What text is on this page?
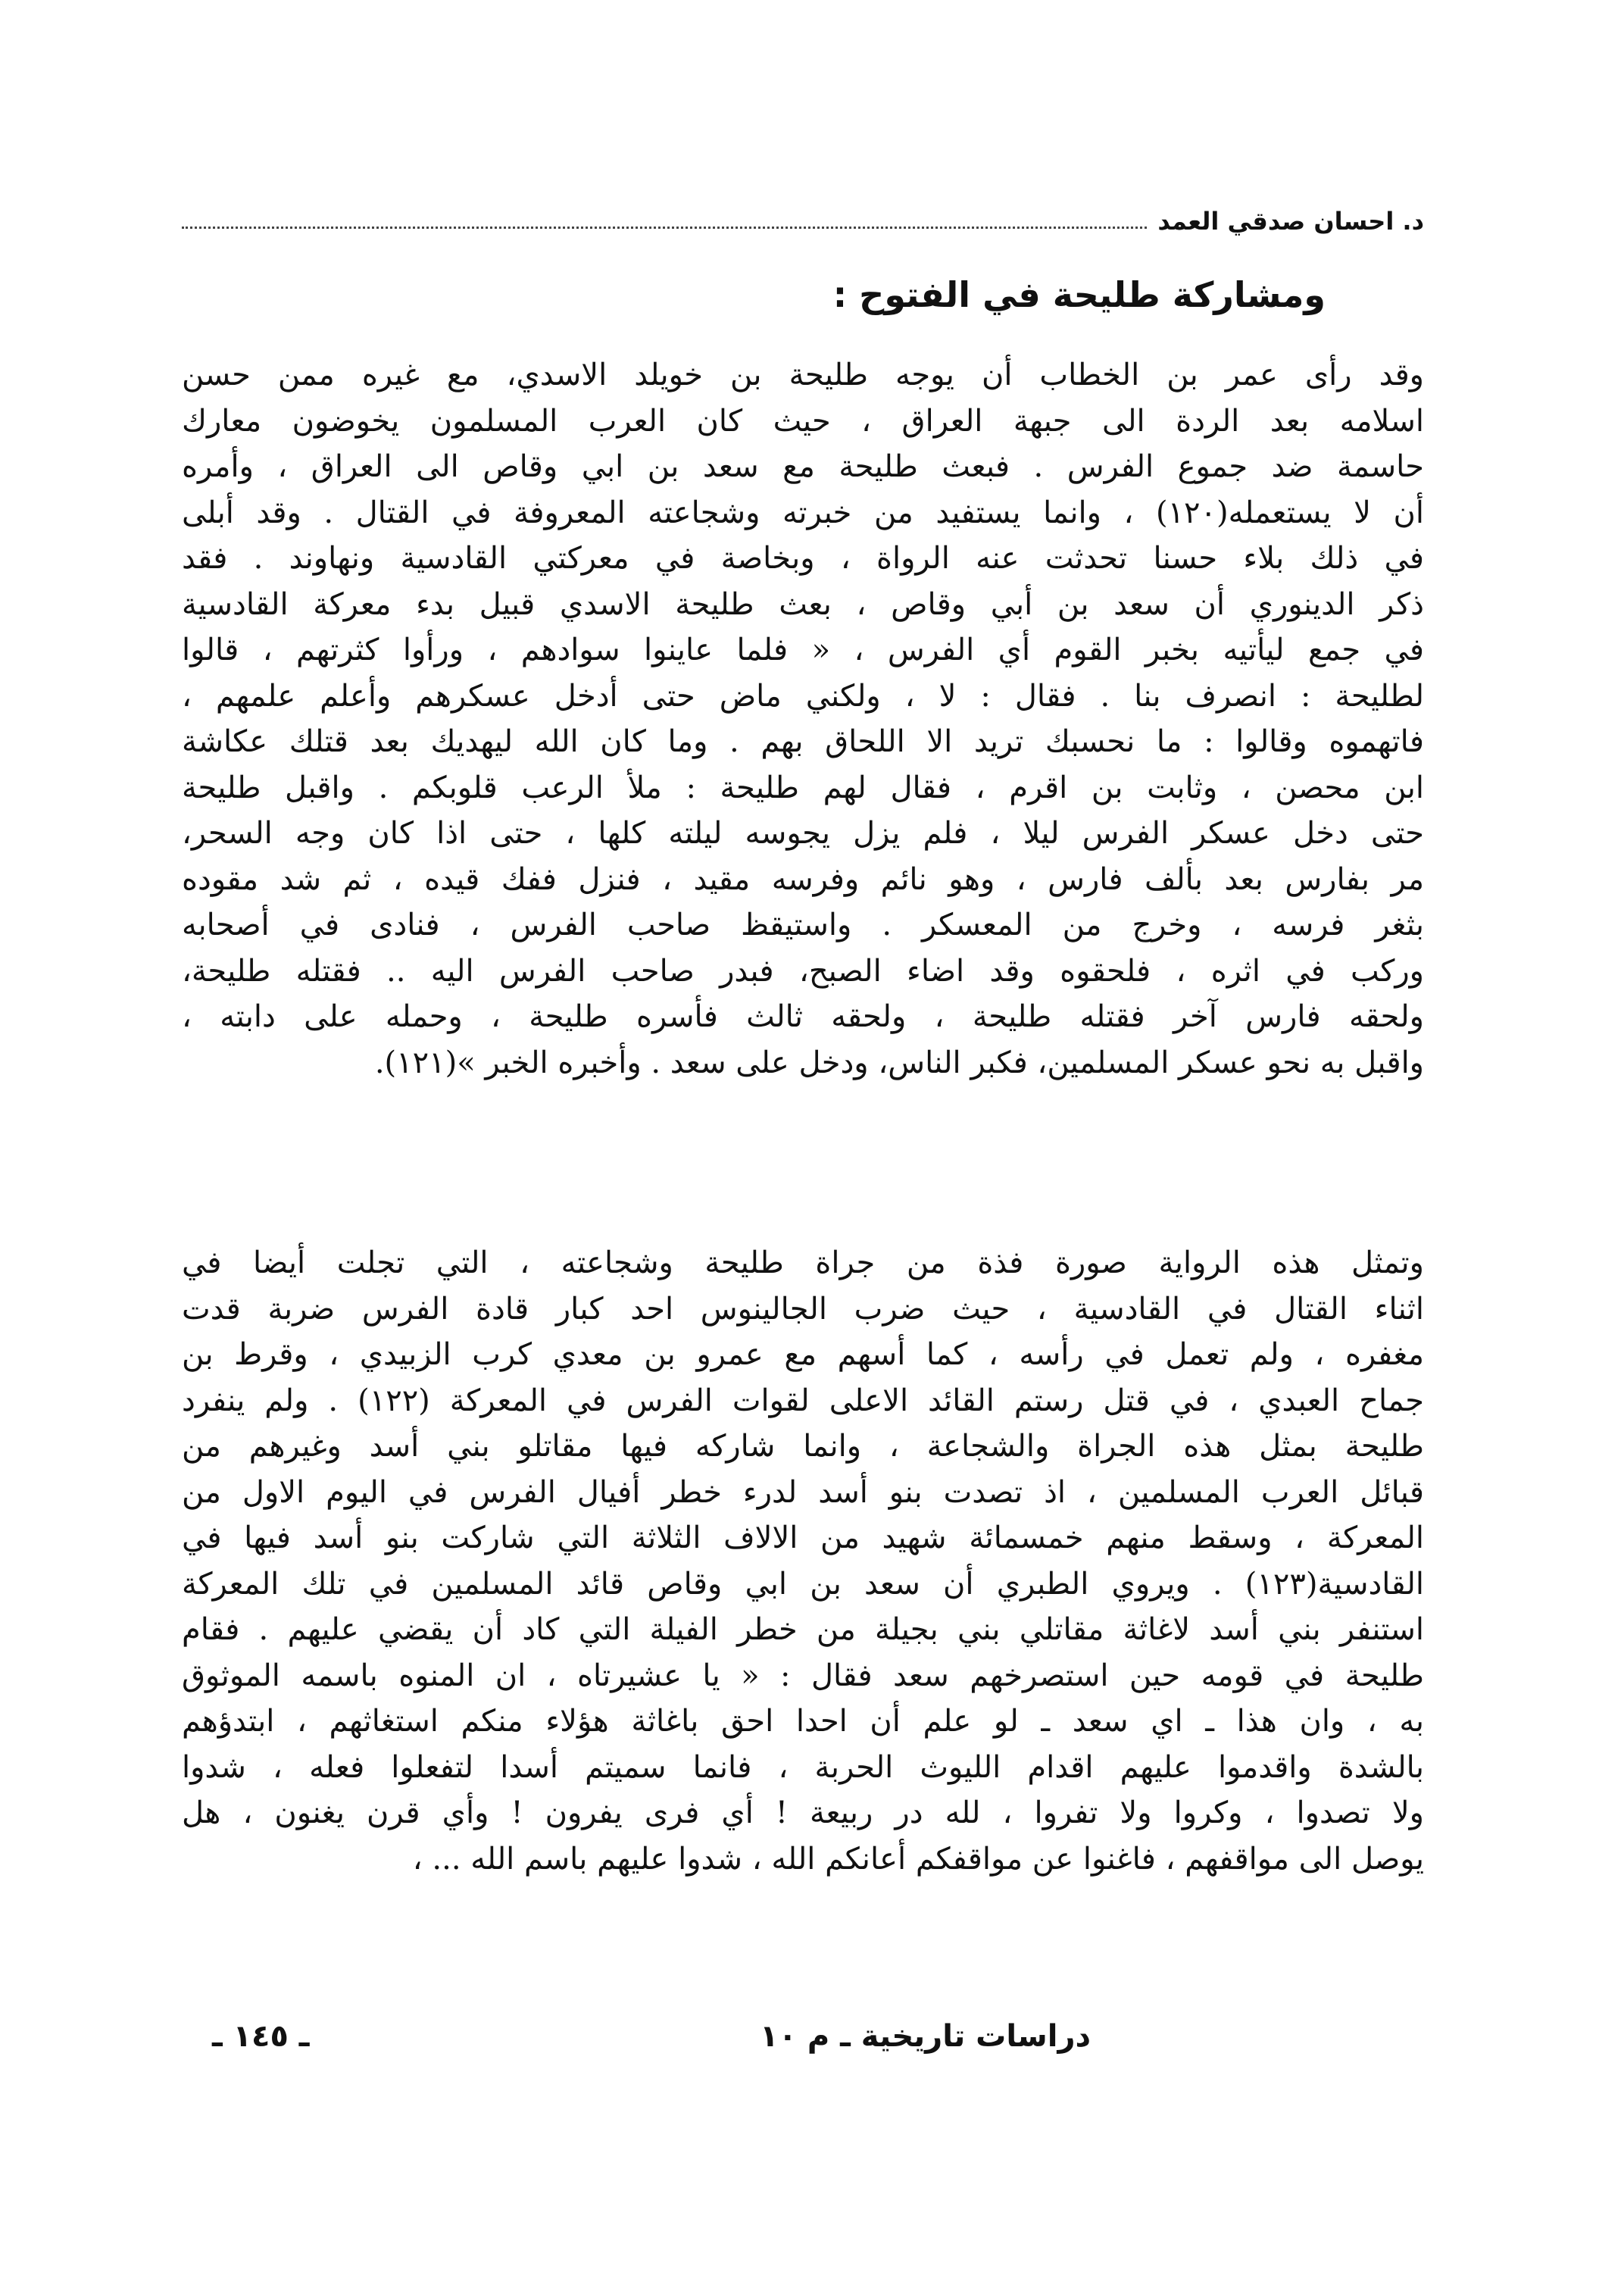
د. احسان صدقي العمد
ومشاركة طليحة في الفتوح :
وقد رأى عمر بن الخطاب أن يوجه طليحة بن خويلد الاسدي، مع غيره ممن حسن
اسلامه بعد الردة الى جبهة العراق ، حيث كان العرب المسلمون يخوضون معارك
حاسمة ضد جموع الفرس . فبعث طليحة مع سعد بن ابي وقاص الى العراق ، وأمره
أن لا يستعمله(١٢٠) ، وانما يستفيد من خبرته وشجاعته المعروفة في القتال . وقد أبلى
في ذلك بلاء حسنا تحدثت عنه الرواة ، وبخاصة في معركتي القادسية ونهاوند . فقد
ذكر الدينوري أن سعد بن أبي وقاص ، بعث طليحة الاسدي قبيل بدء معركة القادسية
في جمع ليأتيه بخبر القوم أي الفرس ، « فلما عاينوا سوادهم ، ورأوا كثرتهم ، قالوا
لطليحة : انصرف بنا . فقال : لا ، ولكني ماض حتى أدخل عسكرهم وأعلم علمهم ،
فاتهموه وقالوا : ما نحسبك تريد الا اللحاق بهم . وما كان الله ليهديك بعد قتلك عكاشة
ابن محصن ، وثابت بن اقرم ، فقال لهم طليحة : ملأ الرعب قلوبكم . واقبل طليحة
حتى دخل عسكر الفرس ليلا ، فلم يزل يجوسه ليلته كلها ، حتى اذا كان وجه السحر،
مر بفارس بعد بألف فارس ، وهو نائم وفرسه مقيد ، فنزل ففك قيده ، ثم شد مقوده
بثغر فرسه ، وخرج من المعسكر . واستيقظ صاحب الفرس ، فنادى في أصحابه
وركب في اثره ، فلحقوه وقد اضاء الصبح، فبدر صاحب الفرس اليه .. فقتله طليحة،
ولحقه فارس آخر فقتله طليحة ، ولحقه ثالث فأسره طليحة ، وحمله على دابته ،
واقبل به نحو عسكر المسلمين، فكبر الناس، ودخل على سعد . وأخبره الخبر »(١٢١).
وتمثل هذه الرواية صورة فذة من جراة طليحة وشجاعته ، التي تجلت أيضا في
اثناء القتال في القادسية ، حيث ضرب الجالينوس احد كبار قادة الفرس ضربة قدت
مغفره ، ولم تعمل في رأسه ، كما أسهم مع عمرو بن معدي كرب الزبيدي ، وقرط بن
جماح العبدي ، في قتل رستم القائد الاعلى لقوات الفرس في المعركة (١٢٢) . ولم ينفرد
طليحة بمثل هذه الجراة والشجاعة ، وانما شاركه فيها مقاتلو بني أسد وغيرهم من
قبائل العرب المسلمين ، اذ تصدت بنو أسد لدرء خطر أفيال الفرس في اليوم الاول من
المعركة ، وسقط منهم خمسمائة شهيد من الالاف الثلاثة التي شاركت بنو أسد فيها في
القادسية(١٢٣) . ويروي الطبري أن سعد بن ابي وقاص قائد المسلمين في تلك المعركة
استنفر بني أسد لاغاثة مقاتلي بني بجيلة من خطر الفيلة التي كاد أن يقضي عليهم . فقام
طليحة في قومه حين استصرخهم سعد فقال : « يا عشيرتاه ، ان المنوه باسمه الموثوق
به ، وان هذا ـ اي سعد ـ لو علم أن احدا احق باغاثة هؤلاء منكم استغاثهم ، ابتدؤهم
بالشدة واقدموا عليهم اقدام الليوث الحربة ، فانما سميتم أسدا لتفعلوا فعله ، شدوا
ولا تصدوا ، وكروا ولا تفروا ، لله در ربيعة ! أي فرى يفرون ! وأي قرن يغنون ، هل
يوصل الى مواقفهم ، فاغنوا عن مواقفكم أعانكم الله ، شدوا عليهم باسم الله ... ،
دراسات تاريخية ـ م ١٠
ـ ١٤٥ ـ
